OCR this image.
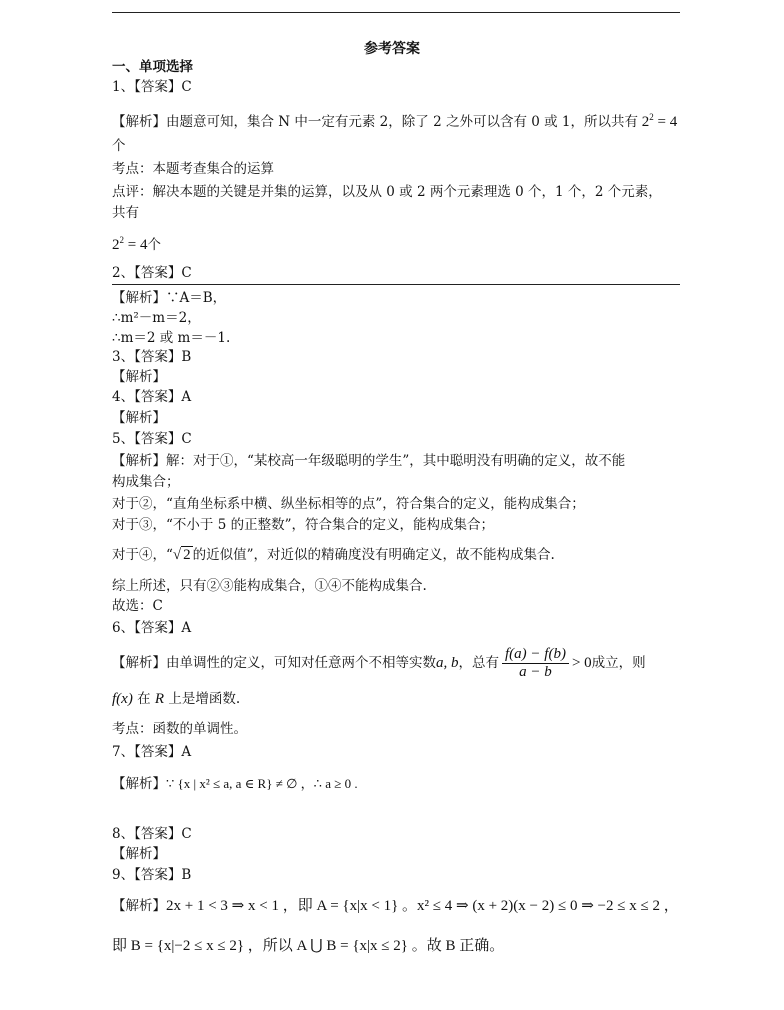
参考答案
一、单项选择
1、【答案】C
【解析】由题意可知，集合 N 中一定有元素 2，除了 2 之外可以含有 0 或 1，所以共有 $2^2 = 4$
个
考点：本题考查集合的运算
点评：解决本题的关键是并集的运算，以及从 0 或 2 两个元素理选 0 个，1 个，2 个元素，
共有
$2^2 = 4$个
2、【答案】C
【解析】∵A＝B，
∴m²－m＝2，
∴m＝2 或 m＝－1.
3、【答案】B
【解析】
4、【答案】A
【解析】
5、【答案】C
【解析】解：对于①，“某校高一年级聪明的学生”，其中聪明没有明确的定义，故不能
构成集合；
对于②，“直角坐标系中横、纵坐标相等的点”，符合集合的定义，能构成集合；
对于③，“不小于 5 的正整数”，符合集合的定义，能构成集合；
对于④，“√ 2 的近似值”，对近似的精确度没有明确定义，故不能构成集合.
综上所述，只有②③能构成集合，①④不能构成集合.
故选：C
6、【答案】A
【解析】由单调性的定义，可知对任意两个不相等实数a, b，总有 $\frac{f(a) - f(b)}{a - b} > 0$成立，则
f(x) 在 R 上是增函数.
考点：函数的单调性。
7、【答案】A
【解析】∵ {x | x² ≤ a, a ∈ R} ≠ ∅ ，∴ a ≥ 0 .
8、【答案】C
【解析】
9、【答案】B
【解析】2x + 1 < 3 ⇒ x < 1 ，即 A = {x|x < 1} 。x² ≤ 4 ⇒ (x + 2)(x − 2) ≤ 0 ⇒ −2 ≤ x ≤ 2 ，
即 B = {x|−2 ≤ x ≤ 2} ，所以 A ⋃ B = {x|x ≤ 2} 。故 B 正确。
